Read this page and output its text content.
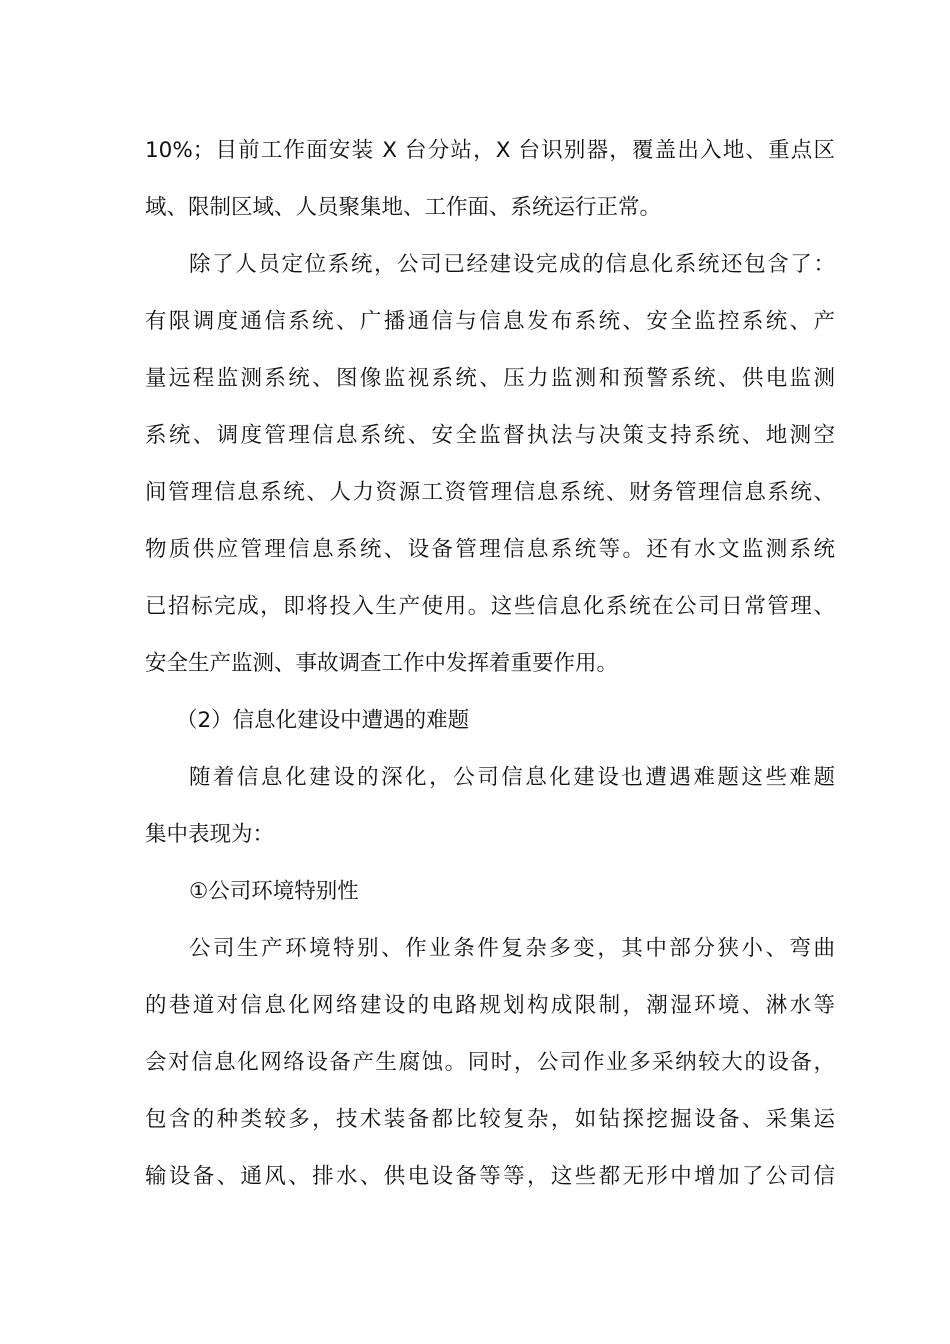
10%；目前工作面安装 X 台分站，X 台识别器，覆盖出入地、重点区
域、限制区域、人员聚集地、工作面、系统运行正常。
除了人员定位系统，公司已经建设完成的信息化系统还包含了：
有限调度通信系统、广播通信与信息发布系统、安全监控系统、产
量远程监测系统、图像监视系统、压力监测和预警系统、供电监测
系统、调度管理信息系统、安全监督执法与决策支持系统、地测空
间管理信息系统、人力资源工资管理信息系统、财务管理信息系统、
物质供应管理信息系统、设备管理信息系统等。还有水文监测系统
已招标完成，即将投入生产使用。这些信息化系统在公司日常管理、
安全生产监测、事故调查工作中发挥着重要作用。
（2）信息化建设中遭遇的难题
随着信息化建设的深化，公司信息化建设也遭遇难题这些难题
集中表现为：
①公司环境特别性
公司生产环境特别、作业条件复杂多变，其中部分狭小、弯曲
的巷道对信息化网络建设的电路规划构成限制，潮湿环境、淋水等
会对信息化网络设备产生腐蚀。同时，公司作业多采纳较大的设备，
包含的种类较多，技术装备都比较复杂，如钻探挖掘设备、采集运
输设备、通风、排水、供电设备等等，这些都无形中增加了公司信
